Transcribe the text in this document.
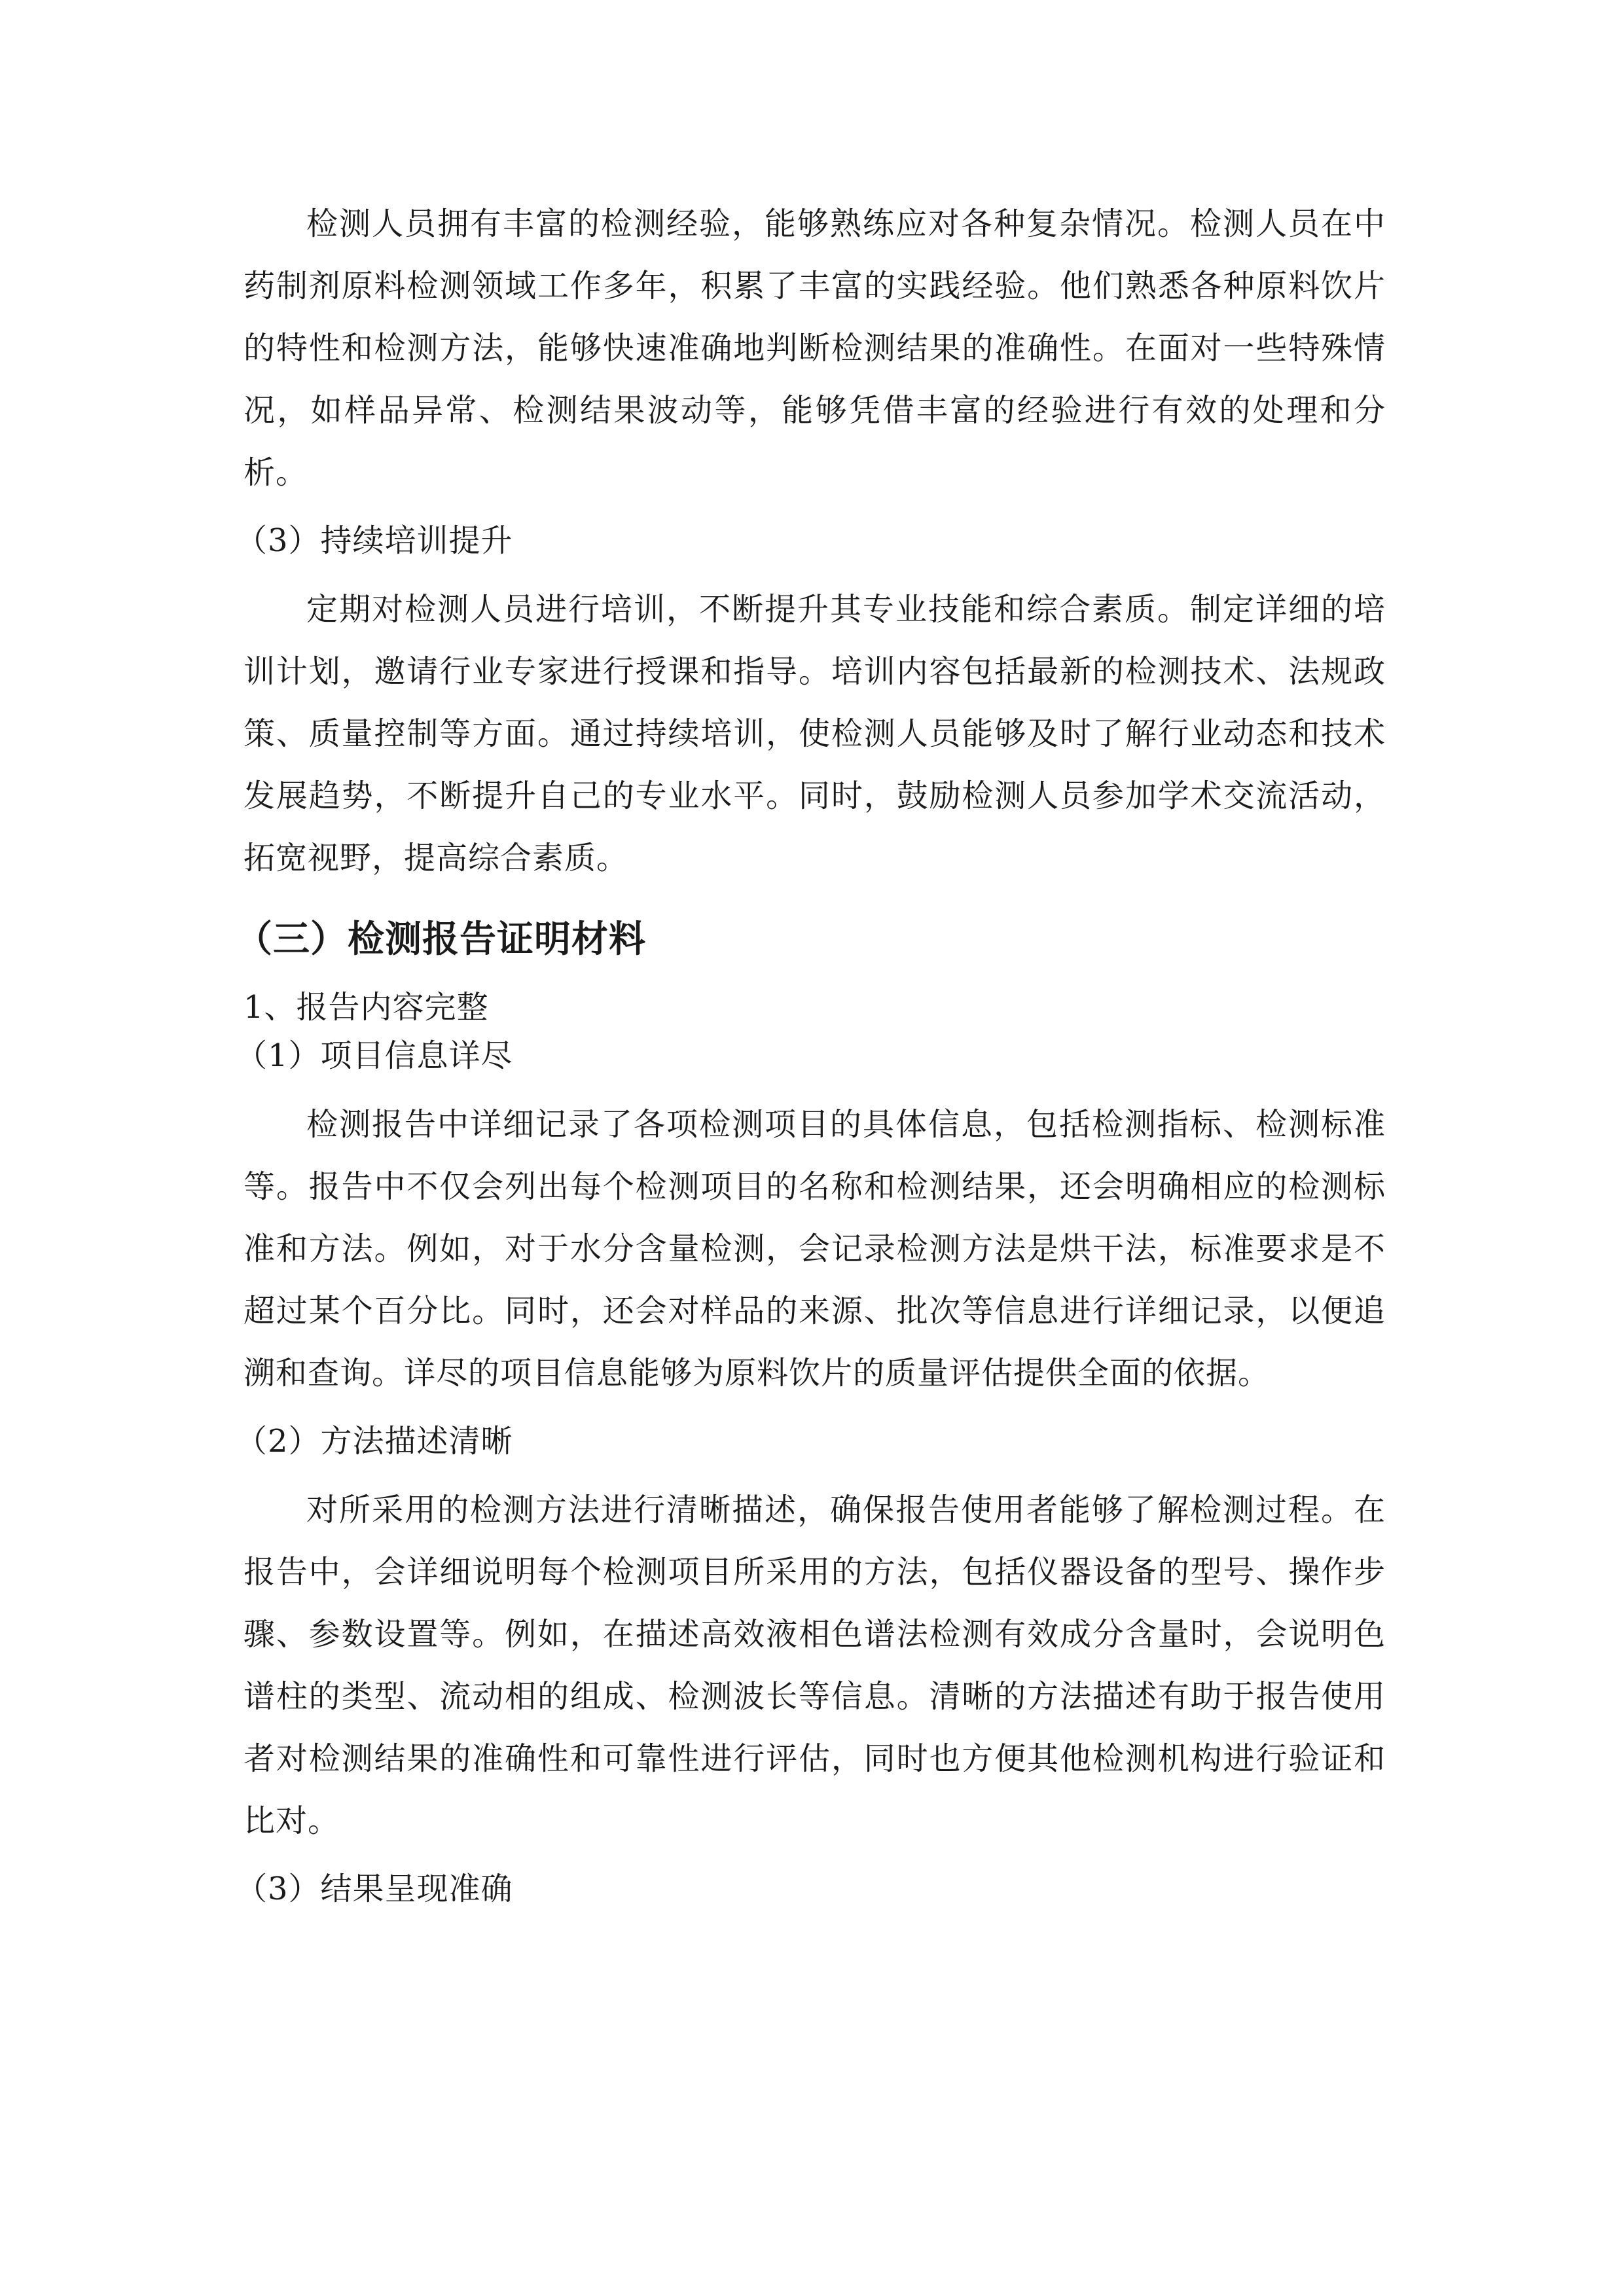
检测人员拥有丰富的检测经验，能够熟练应对各种复杂情况。检测人员在中药制剂原料检测领域工作多年，积累了丰富的实践经验。他们熟悉各种原料饮片的特性和检测方法，能够快速准确地判断检测结果的准确性。在面对一些特殊情况，如样品异常、检测结果波动等，能够凭借丰富的经验进行有效的处理和分析。

（3）持续培训提升

定期对检测人员进行培训，不断提升其专业技能和综合素质。制定详细的培训计划，邀请行业专家进行授课和指导。培训内容包括最新的检测技术、法规政策、质量控制等方面。通过持续培训，使检测人员能够及时了解行业动态和技术发展趋势，不断提升自己的专业水平。同时，鼓励检测人员参加学术交流活动，拓宽视野，提高综合素质。

（三）检测报告证明材料

1、报告内容完整

（1）项目信息详尽

检测报告中详细记录了各项检测项目的具体信息，包括检测指标、检测标准等。报告中不仅会列出每个检测项目的名称和检测结果，还会明确相应的检测标准和方法。例如，对于水分含量检测，会记录检测方法是烘干法，标准要求是不超过某个百分比。同时，还会对样品的来源、批次等信息进行详细记录，以便追溯和查询。详尽的项目信息能够为原料饮片的质量评估提供全面的依据。

（2）方法描述清晰

对所采用的检测方法进行清晰描述，确保报告使用者能够了解检测过程。在报告中，会详细说明每个检测项目所采用的方法，包括仪器设备的型号、操作步骤、参数设置等。例如，在描述高效液相色谱法检测有效成分含量时，会说明色谱柱的类型、流动相的组成、检测波长等信息。清晰的方法描述有助于报告使用者对检测结果的准确性和可靠性进行评估，同时也方便其他检测机构进行验证和比对。

（3）结果呈现准确
